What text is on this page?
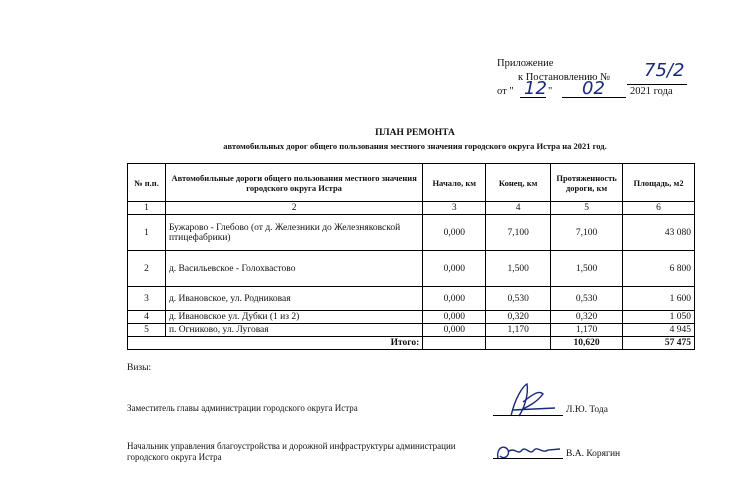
Приложение
к Постановлению № 75/2
от " 12 " 02 2021 года
ПЛАН РЕМОНТА
автомобильных дорог общего пользования местного значения городского округа Истра на 2021 год.
№ п.п.	Автомобильные дороги общего пользования местного значения городского округа Истра	Начало, км	Конец, км	Протяженность дороги, км	Площадь, м2
1	2	3	4	5	6
1	Бужарово - Глебово (от д. Железники до Железняковской птицефабрики)	0,000	7,100	7,100	43 080
2	д. Васильевское - Голохвастово	0,000	1,500	1,500	6 800
3	д. Ивановское, ул. Родниковая	0,000	0,530	0,530	1 600
4	д. Ивановское ул. Дубки (1 из 2)	0,000	0,320	0,320	1 050
5	п. Огниково, ул. Луговая	0,000	1,170	1,170	4 945
Итого:				10,620	57 475
Визы:
Заместитель главы администрации городского округа Истра	Л.Ю. Тода
Начальник управления благоустройства и дорожной инфраструктуры администрации
городского округа Истра	В.А. Корягин
